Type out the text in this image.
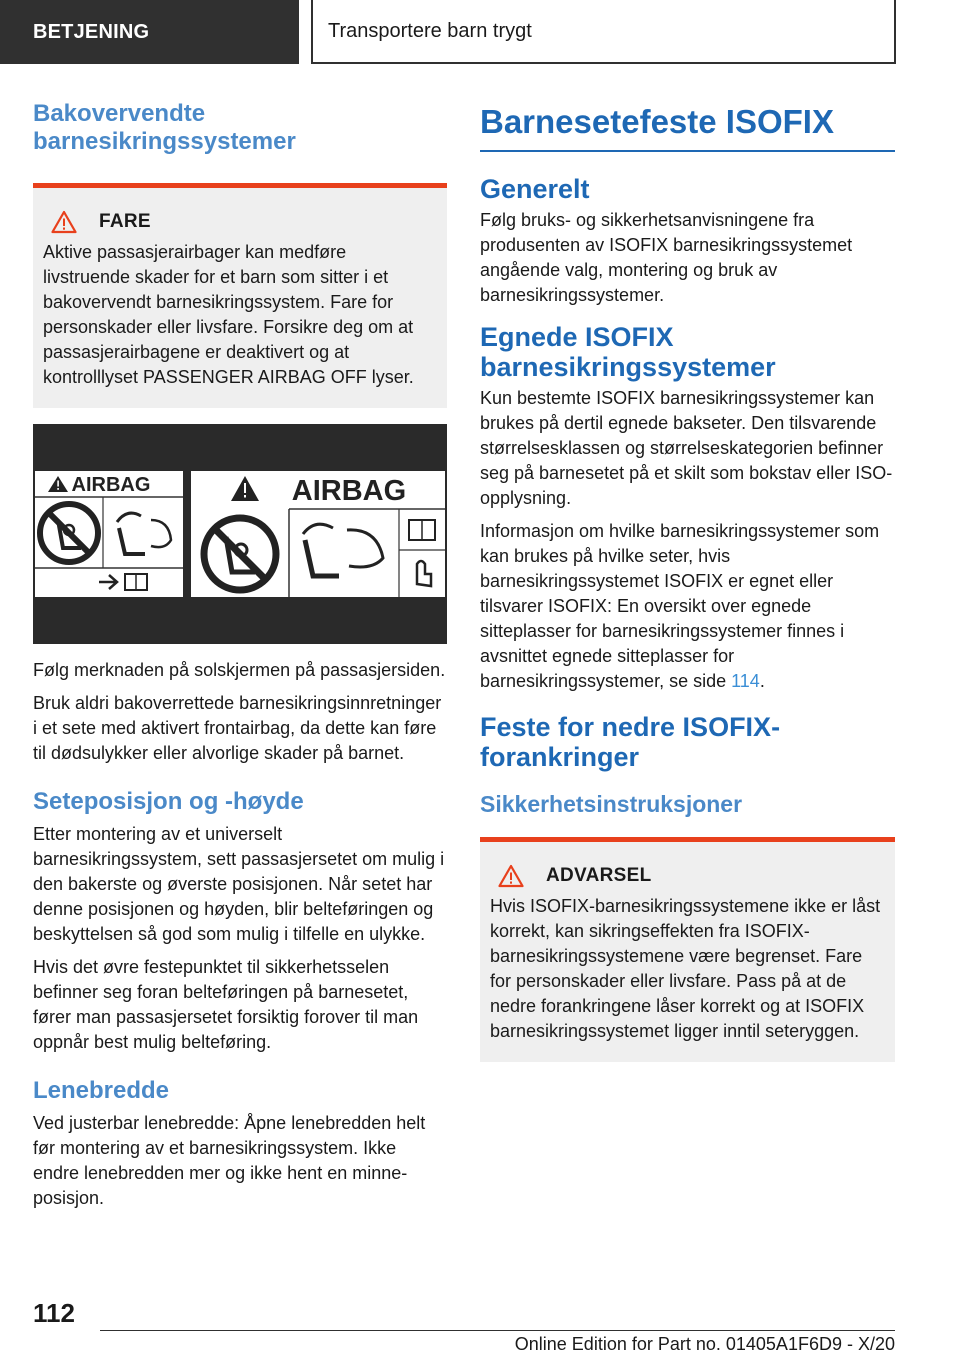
BETJENING	Transportere barn trygt
Bakovervendte barnesikringssystemer
FARE

Aktive passasjerairbager kan medføre livstruende skader for et barn som sitter i et bakovervendt barnesikringssystem. Fare for personskader eller livsfare. Forsikre deg om at passasjerairbagene er deaktivert og at kontrolllyset PASSENGER AIRBAG OFF lyser.

AIRBAG	AIRBAG

Følg merknaden på solskjermen på passasjersiden.

Bruk aldri bakoverrettede barnesikringsinnretninger i et sete med aktivert frontairbag, da dette kan føre til dødsulykker eller alvorlige skader på barnet.

Seteposisjon og -høyde

Etter montering av et universelt barnesikringssystem, sett passasjersetet om mulig i den bakerste og øverste posisjonen. Når setet har denne posisjonen og høyden, blir belteføringen og beskyttelsen så god som mulig i tilfelle en ulykke.

Hvis det øvre festepunktet til sikkerhetsselen befinner seg foran belteføringen på barnesetet, fører man passasjersetet forsiktig forover til man oppnår best mulig belteføring.

Lenebredde

Ved justerbar lenebredde: Åpne lenebredden helt før montering av et barnesikringssystem. Ikke endre lenebredden mer og ikke hent en minne-posisjon.

Barnesetefeste ISOFIX
Generelt

Følg bruks- og sikkerhetsanvisningene fra produsenten av ISOFIX barnesikringssystemet angående valg, montering og bruk av barnesikringssystemer.

Egnede ISOFIX barnesikringssystemer

Kun bestemte ISOFIX barnesikringssystemer kan brukes på dertil egnede bakseter. Den tilsvarende størrelsesklassen og størrelseskategorien befinner seg på barnesetet på et skilt som bokstav eller ISO-opplysning.

Informasjon om hvilke barnesikringssystemer som kan brukes på hvilke seter, hvis barnesikringssystemet ISOFIX er egnet eller tilsvarer ISOFIX: En oversikt over egnede sitteplasser for barnesikringssystemer finnes i avsnittet egnede sitteplasser for barnesikringssystemer, se side 114.

Feste for nedre ISOFIX-forankringer
Sikkerhetsinstruksjoner
ADVARSEL

Hvis ISOFIX-barnesikringssystemene ikke er låst korrekt, kan sikringseffekten fra ISOFIX-barnesikringssystemene være begrenset. Fare for personskader eller livsfare. Pass på at de nedre forankringene låser korrekt og at ISOFIX barnesikringssystemet ligger inntil seteryggen.

112
Online Edition for Part no. 01405A1F6D9 - X/20
